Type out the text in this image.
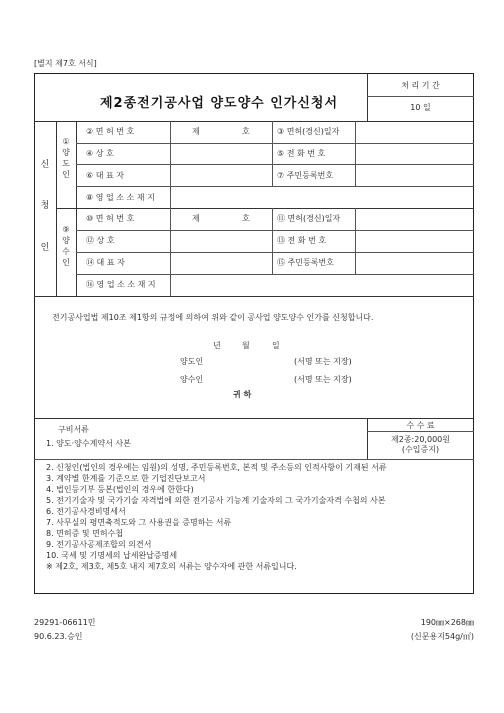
[별지 제7호 서식]
제2종전기공사업 양도양수 인가신청서
처 리 기 간
10 일
신
청
인
①
양
도
인
② 면 허 번 호	제	호	③ 면허(경신)일자
④ 상 호	⑤ 전 화 번 호
⑥ 대 표 자	⑦ 주민등록번호
⑧ 영 업 소 소 재 지
⑨
양
수
인
⑩ 면 허 번 호	제	호	⑪ 면허(경신)일자
⑫ 상 호	⑬ 전 화 번 호
⑭ 대 표 자	⑮ 주민등록번호
⑯ 영 업 소 소 재 지
전기공사업법 제10조 제1항의 규정에 의하여 위와 같이 공사업 양도양수 인가를 신청합니다.
년	월	일
양도인	(서명 또는 지장)
양수인	(서명 또는 지장)
귀 하
수 수 료
제2종:20,000원
(수입증지)
구비서류
1. 양도·양수계약서 사본
2. 신청인(법인의 경우에는 임원)의 성명, 주민등록번호, 본적 및 주소등의 인적사항이 기재된 서류
3. 계약별 한계를 기준으로 한 기업진단보고서
4. 법인등기부 등본(법인의 경우에 한한다)
5. 전기기술자 및 국가기술 자격법에 의한 전기공사 기능계 기술자의 그 국가기술자격 수첩의 사본
6. 전기공사경비명세서
7. 사무실의 평면축적도와 그 사용권을 증명하는 서류
8. 면허증 및 면허수첩
9. 전기공사공제조합의 의견서
10. 국세 및 기명세의 납세완납증명세
※ 제2호, 제3호, 제5호 내지 제7호의 서류는 양수자에 관한 서류입니다.
29291-06611민
90.6.23.승인
190㎜×268㎜
(신문용지54g/㎡)
